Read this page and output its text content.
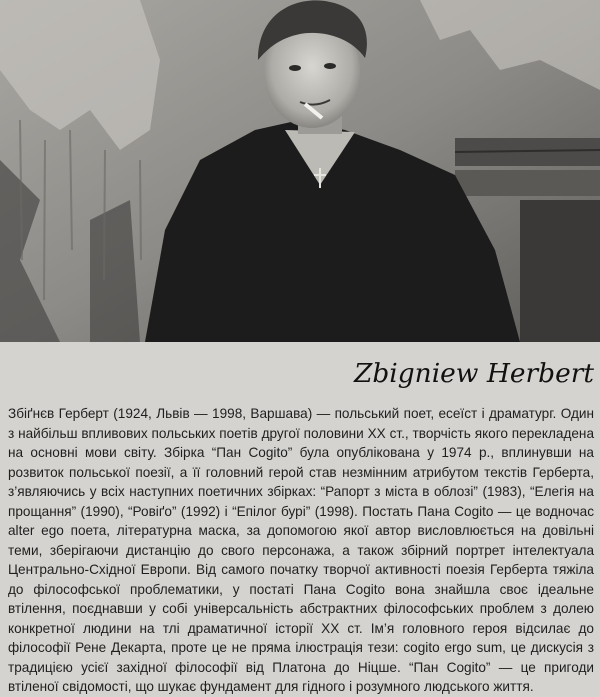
Zbigniew Herbert

Збіґнєв Герберт (1924, Львів — 1998, Варшава) — польський поет, есеїст і драматург. Один з найбільш впливових польських поетів другої половини ХХ ст., творчість якого перекладена на основні мови світу. Збірка “Пан Cogito” була опублікована у 1974 р., вплинувши на розвиток польської поезії, а її головний герой став незмінним атрибутом текстів Герберта, з’являючись у всіх наступних поетичних збірках: “Рапорт з міста в облозі” (1983), “Елегія на прощання” (1990), “Ровіґо” (1992) і “Епілог бурі” (1998). Постать Пана Cogito — це водночас alter ego поета, літературна маска, за допомогою якої автор висловлюється на довільні теми, зберігаючи дистанцію до свого персонажа, а також збірний портрет інтелектуала Центрально-Східної Европи. Від самого початку творчої активності поезія Герберта тяжіла до філософської проблематики, у постаті Пана Cogito вона знайшла своє ідеальне втілення, поєднавши у собі універсальність абстрактних філософських проблем з долею конкретної людини на тлі драматичної історії ХХ ст. Ім’я головного героя відсилає до філософії Рене Декарта, проте це не пряма ілюстрація тези: cogito ergo sum, це дискусія з традицією усієї західної філософії від Платона до Ніцше. “Пан Cogito” — це пригоди втіленої свідомості, що шукає фундамент для гідного і розумного людського життя.
